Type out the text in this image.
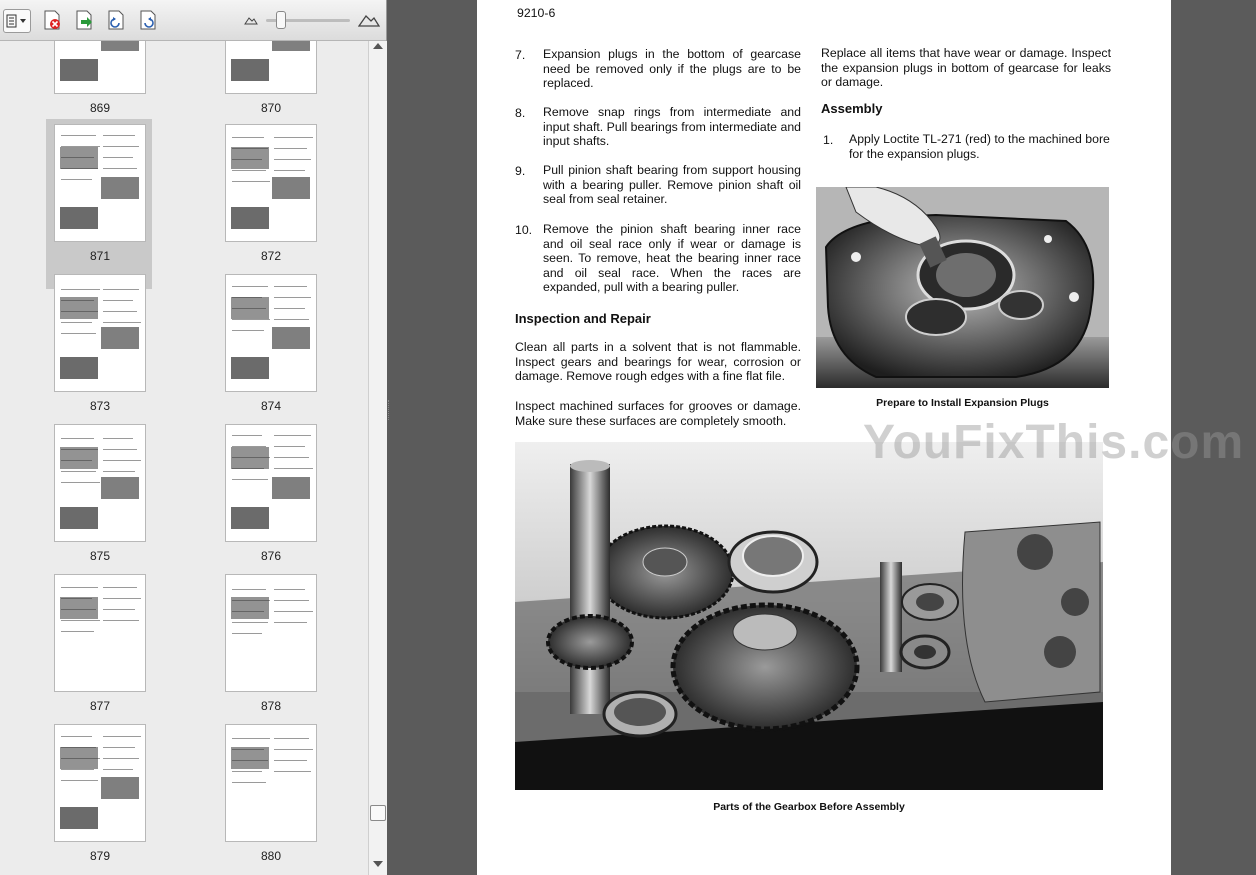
869	870
871	872
873	874
875	876
877	878
879	880
9210-6
7. Expansion plugs in the bottom of gearcase need be removed only if the plugs are to be replaced.
8. Remove snap rings from intermediate and input shaft. Pull bearings from intermediate and input shafts.
9. Pull pinion shaft bearing from support housing with a bearing puller. Remove pinion shaft oil seal from seal retainer.
10. Remove the pinion shaft bearing inner race and oil seal race only if wear or damage is seen. To remove, heat the bearing inner race and oil seal race. When the races are expanded, pull with a bearing puller.
Inspection and Repair
Clean all parts in a solvent that is not flammable. Inspect gears and bearings for wear, corrosion or damage. Remove rough edges with a fine flat file.
Inspect machined surfaces for grooves or damage. Make sure these surfaces are completely smooth.
Replace all items that have wear or damage. Inspect the expansion plugs in bottom of gearcase for leaks or damage.
Assembly
1. Apply Loctite TL-271 (red) to the machined bore for the expansion plugs.
Prepare to Install Expansion Plugs
Parts of the Gearbox Before Assembly
YouFixThis.com
